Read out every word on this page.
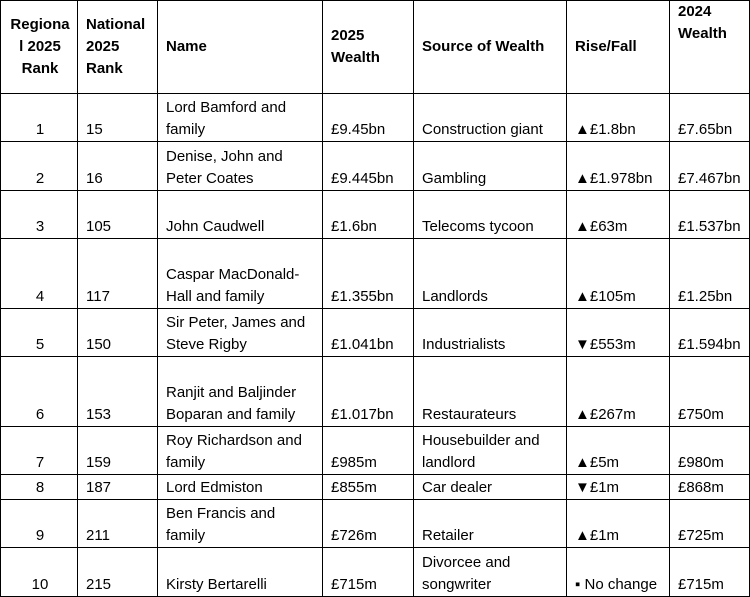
Regional 2025 Rank	National 2025 Rank	Name	2025 Wealth	Source of Wealth	Rise/Fall	2024 Wealth
1	15	Lord Bamford and family	£9.45bn	Construction giant	▲£1.8bn	£7.65bn
2	16	Denise, John and Peter Coates	£9.445bn	Gambling	▲£1.978bn	£7.467bn
3	105	John Caudwell	£1.6bn	Telecoms tycoon	▲£63m	£1.537bn
4	117	Caspar MacDonald-Hall and family	£1.355bn	Landlords	▲£105m	£1.25bn
5	150	Sir Peter, James and Steve Rigby	£1.041bn	Industrialists	▼£553m	£1.594bn
6	153	Ranjit and Baljinder Boparan and family	£1.017bn	Restaurateurs	▲£267m	£750m
7	159	Roy Richardson and family	£985m	Housebuilder and landlord	▲£5m	£980m
8	187	Lord Edmiston	£855m	Car dealer	▼£1m	£868m
9	211	Ben Francis and family	£726m	Retailer	▲£1m	£725m
10	215	Kirsty Bertarelli	£715m	Divorcee and songwriter	▪ No change	£715m
